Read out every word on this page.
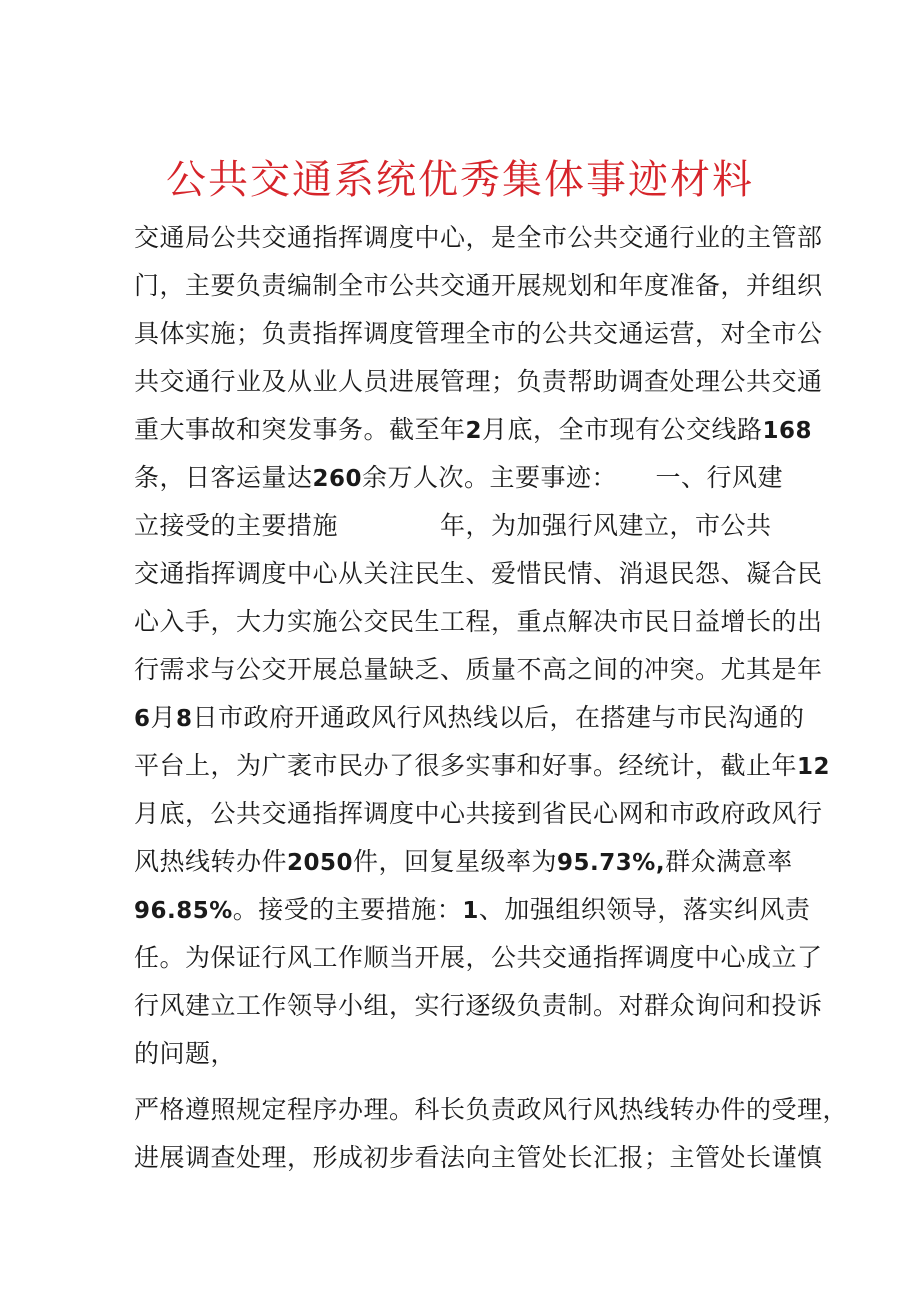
公共交通系统优秀集体事迹材料
交通局公共交通指挥调度中心，是全市公共交通行业的主管部
门，主要负责编制全市公共交通开展规划和年度准备，并组织
具体实施；负责指挥调度管理全市的公共交通运营，对全市公
共交通行业及从业人员进展管理；负责帮助调查处理公共交通
重大事故和突发事务。截至年2月底，全市现有公交线路168
条，日客运量达260余万人次。主要事迹：　　一、行风建
立接受的主要措施　　　　年，为加强行风建立，市公共
交通指挥调度中心从关注民生、爱惜民情、消退民怨、凝合民
心入手，大力实施公交民生工程，重点解决市民日益增长的出
行需求与公交开展总量缺乏、质量不高之间的冲突。尤其是年
6月8日市政府开通政风行风热线以后，在搭建与市民沟通的
平台上，为广袤市民办了很多实事和好事。经统计，截止年12
月底，公共交通指挥调度中心共接到省民心网和市政府政风行
风热线转办件2050件，回复星级率为95.73%,群众满意率
96.85%。接受的主要措施：1、加强组织领导，落实纠风责
任。为保证行风工作顺当开展，公共交通指挥调度中心成立了
行风建立工作领导小组，实行逐级负责制。对群众询问和投诉
的问题，
严格遵照规定程序办理。科长负责政风行风热线转办件的受理，
进展调查处理，形成初步看法向主管处长汇报；主管处长谨慎
